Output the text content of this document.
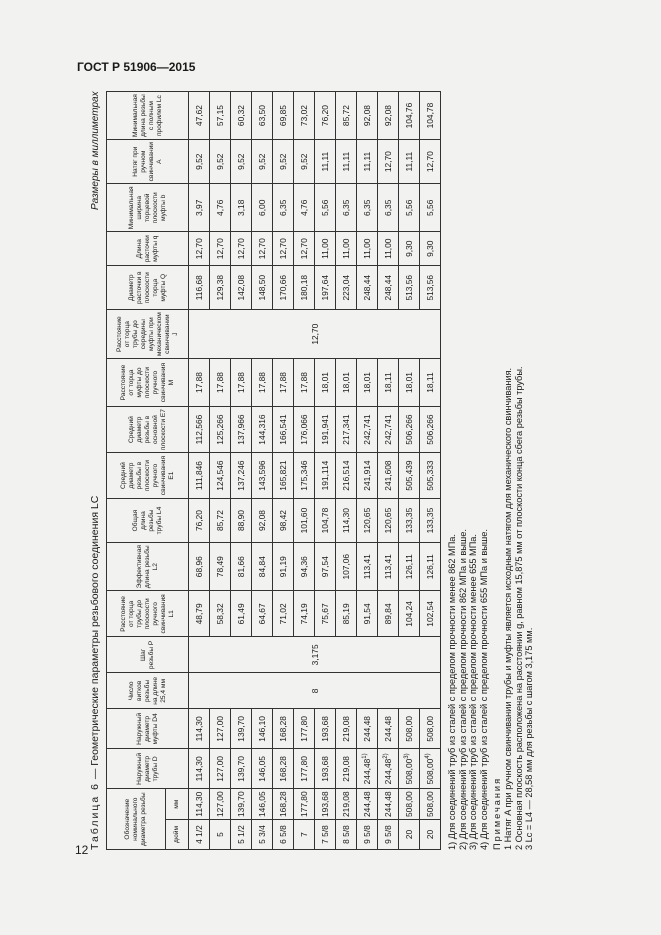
ГОСТ Р 51906—2015
12
Размеры в миллиметрах
Таблица 6 — Геометрические параметры резьбового соединения LC
Обозначение номинального диаметра резьбы		Наружный диаметр трубы D	Наружный диаметр муфты D4	Число витков резьбы на длине 25,4 мм	Шаг резьбы P	Расстояние от торца трубы до плоскости ручного свинчивания L1	Эффективная длина резьбы L2	Общая длина резьбы трубы L4	Средний диаметр резьбы в плоскости ручного свинчивания E1	Средний диаметр резьбы в основной плоскости E7	Расстояние от торца муфты до плоскости ручного свинчивания M	Расстояние от торца трубы до середины муфты при механическом свинчивании J	Диаметр расточки в плоскости торца муфты Q	Длина расточки муфты q	Минимальная ширина торцевой плоскости муфты b	Натяг при ручном свинчивании A	Минимальная длина резьбы с полным профилем Lc
дюйм	мм																
4 1/2	114,30	114,30	114,30	8	3,175	48,79	68,96	76,20	111,846	112,566	17,88	12,70	116,68	12,70	3,97	9,52	47,62
5	127,00	127,00	127,00			58,32	78,49	85,72	124,546	125,266	17,88		129,38	12,70	4,76	9,52	57,15
5 1/2	139,70	139,70	139,70			61,49	81,66	88,90	137,246	137,966	17,88		142,08	12,70	3,18	9,52	60,32
5 3/4	146,05	146,05	146,10			64,67	84,84	92,08	143,596	144,316	17,88		148,50	12,70	6,00	9,52	63,50
6 5/8	168,28	168,28	168,28			71,02	91,19	98,42	165,821	166,541	17,88		170,66	12,70	6,35	9,52	69,85
7	177,80	177,80	177,80			74,19	94,36	101,60	175,346	176,066	17,88		180,18	12,70	4,76	9,52	73,02
7 5/8	193,68	193,68	193,68			75,67	97,54	104,78	191,114	191,941	18,01		197,64	11,00	5,56	11,11	76,20
8 5/8	219,08	219,08	219,08			85,19	107,06	114,30	216,514	217,341	18,01		223,04	11,00	6,35	11,11	85,72
9 5/8	244,48	244,48$^{1)}$	244,48			91,54	113,41	120,65	241,914	242,741	18,01		248,44	11,00	6,35	11,11	92,08
9 5/8	244,48	244,48$^{2)}$	244,48			89,84	113,41	120,65	241,608	242,741	18,11		248,44	11,00	6,35	12,70	92,08
20	508,00	508,00$^{3)}$	508,00			104,24	126,11	133,35	505,439	506,266	18,01		513,56	9,30	5,56	11,11	104,76
20	508,00	508,00$^{4)}$	508,00			102,54	126,11	133,35	505,333	506,266	18,11		513,56	9,30	5,56	12,70	104,78
1) Для соединений труб из сталей с пределом прочности менее 862 МПа. 2) Для соединений труб из сталей с пределом прочности 862 МПа и выше. 3) Для соединений труб из сталей с пределом прочности менее 655 МПа. 4) Для соединений труб из сталей с пределом прочности 655 МПа и выше. Примечания 1 Натяг A при ручном свинчивании трубы и муфты является исходным натягом для механического свинчивания. 2 Основная плоскость расположена на расстоянии g, равном 15,875 мм от плоскости конца сбега резьбы трубы. 3 Lc = L4 — 28,58 мм для резьбы с шагом 3,175 мм.
